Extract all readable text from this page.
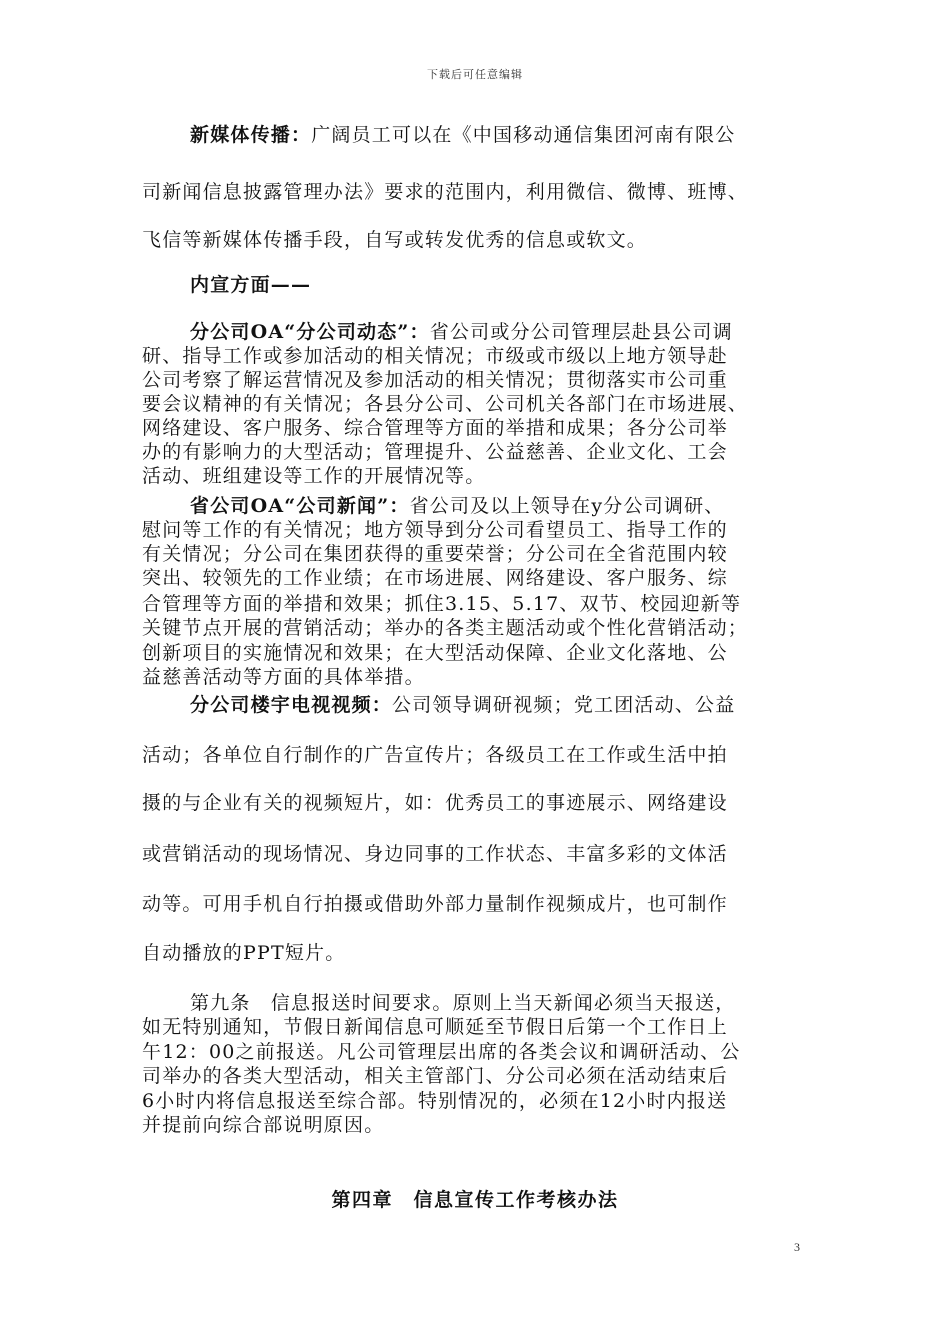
下载后可任意编辑
新媒体传播：广阔员工可以在《中国移动通信集团河南有限公
司新闻信息披露管理办法》要求的范围内，利用微信、微博、班博、
飞信等新媒体传播手段，自写或转发优秀的信息或软文。
内宣方面——
分公司OA“分公司动态”：省公司或分公司管理层赴县公司调
研、指导工作或参加活动的相关情况；市级或市级以上地方领导赴
公司考察了解运营情况及参加活动的相关情况；贯彻落实市公司重
要会议精神的有关情况；各县分公司、公司机关各部门在市场进展、
网络建设、客户服务、综合管理等方面的举措和成果；各分公司举
办的有影响力的大型活动；管理提升、公益慈善、企业文化、工会
活动、班组建设等工作的开展情况等。
省公司OA“公司新闻”：省公司及以上领导在y分公司调研、
慰问等工作的有关情况；地方领导到分公司看望员工、指导工作的
有关情况；分公司在集团获得的重要荣誉；分公司在全省范围内较
突出、较领先的工作业绩；在市场进展、网络建设、客户服务、综
合管理等方面的举措和效果；抓住3.15、5.17、双节、校园迎新等
关键节点开展的营销活动；举办的各类主题活动或个性化营销活动；
创新项目的实施情况和效果；在大型活动保障、企业文化落地、公
益慈善活动等方面的具体举措。
分公司楼宇电视视频：公司领导调研视频；党工团活动、公益
活动；各单位自行制作的广告宣传片；各级员工在工作或生活中拍
摄的与企业有关的视频短片，如：优秀员工的事迹展示、网络建设
或营销活动的现场情况、身边同事的工作状态、丰富多彩的文体活
动等。可用手机自行拍摄或借助外部力量制作视频成片，也可制作
自动播放的PPT短片。
第九条　信息报送时间要求。原则上当天新闻必须当天报送，
如无特别通知，节假日新闻信息可顺延至节假日后第一个工作日上
午12：00之前报送。凡公司管理层出席的各类会议和调研活动、公
司举办的各类大型活动，相关主管部门、分公司必须在活动结束后
6小时内将信息报送至综合部。特别情况的，必须在12小时内报送
并提前向综合部说明原因。
第四章　信息宣传工作考核办法
3
